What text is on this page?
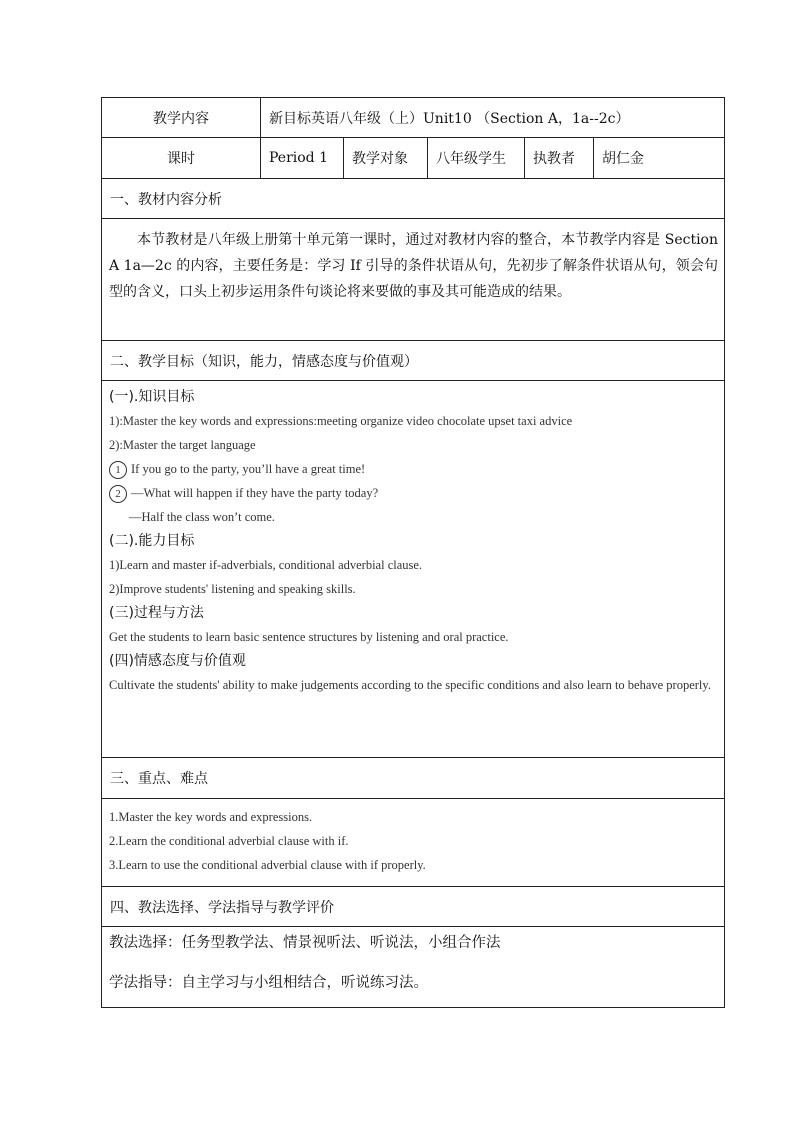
教学内容	新目标英语八年级（上）Unit10 （Section A，1a--2c）
课时	Period 1	教学对象	八年级学生	执教者	胡仁金
一、教材内容分析
本节教材是八年级上册第十单元第一课时，通过对教材内容的整合，本节教学内容是 Section A 1a—2c 的内容，主要任务是：学习 If 引导的条件状语从句，先初步了解条件状语从句，领会句型的含义，口头上初步运用条件句谈论将来要做的事及其可能造成的结果。
二、教学目标（知识，能力，情感态度与价值观）
(一).知识目标
1):Master the key words and expressions:meeting organize video chocolate upset taxi advice
2):Master the target language
1 If you go to the party, you’ll have a great time!
2 —What will happen if they have the party today?
—Half the class won’t come.
(二).能力目标
1)Learn and master if-adverbials, conditional adverbial clause.
2)Improve students' listening and speaking skills.
(三)过程与方法
Get the students to learn basic sentence structures by listening and oral practice.
(四)情感态度与价值观
Cultivate the students' ability to make judgements according to the specific conditions and also learn to behave properly.
三、重点、难点
1.Master the key words and expressions.
2.Learn the conditional adverbial clause with if.
3.Learn to use the conditional adverbial clause with if properly.
四、教法选择、学法指导与教学评价
教法选择：任务型教学法、情景视听法、听说法，小组合作法
学法指导：自主学习与小组相结合，听说练习法。
